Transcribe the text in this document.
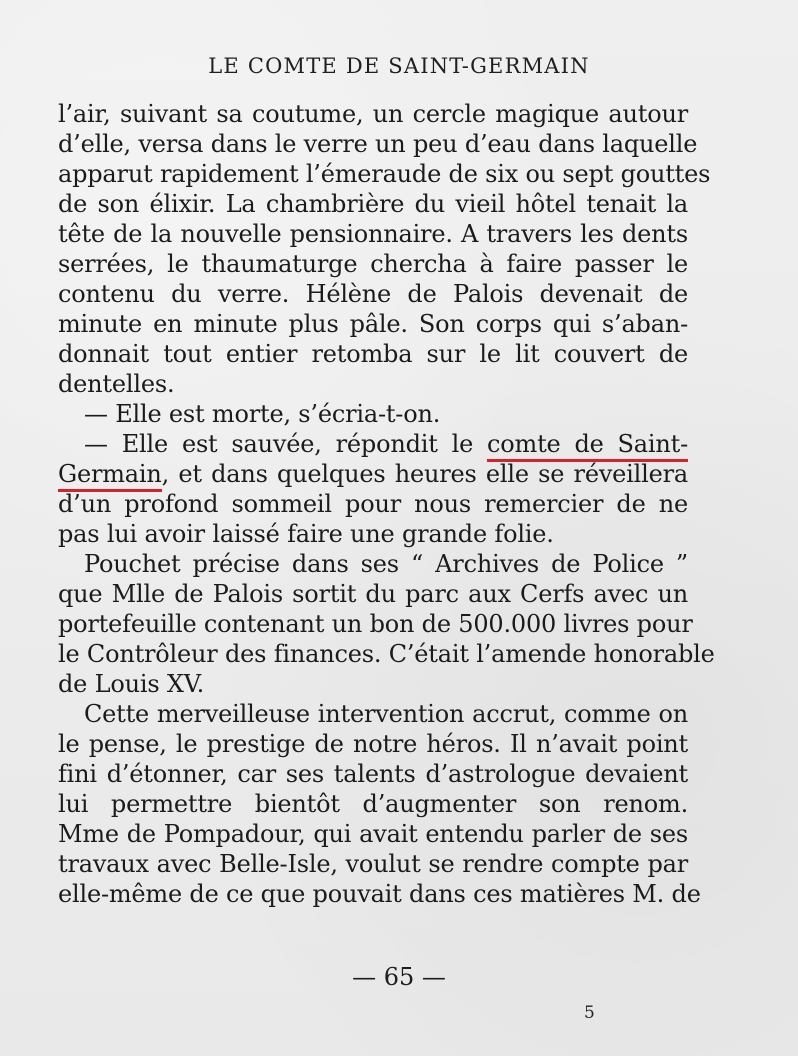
LE COMTE DE SAINT-GERMAIN
l’air, suivant sa coutume, un cercle magique autour
d’elle, versa dans le verre un peu d’eau dans laquelle
apparut rapidement l’émeraude de six ou sept gouttes
de son élixir. La chambrière du vieil hôtel tenait la
tête de la nouvelle pensionnaire. A travers les dents
serrées, le thaumaturge chercha à faire passer le
contenu du verre. Hélène de Palois devenait de
minute en minute plus pâle. Son corps qui s’aban-
donnait tout entier retomba sur le lit couvert de
dentelles.
— Elle est morte, s’écria-t-on.
— Elle est sauvée, répondit le comte de Saint-
Germain, et dans quelques heures elle se réveillera
d’un profond sommeil pour nous remercier de ne
pas lui avoir laissé faire une grande folie.
Pouchet précise dans ses “ Archives de Police ”
que Mlle de Palois sortit du parc aux Cerfs avec un
portefeuille contenant un bon de 500.000 livres pour
le Contrôleur des finances. C’était l’amende honorable
de Louis XV.
Cette merveilleuse intervention accrut, comme on
le pense, le prestige de notre héros. Il n’avait point
fini d’étonner, car ses talents d’astrologue devaient
lui permettre bientôt d’augmenter son renom.
Mme de Pompadour, qui avait entendu parler de ses
travaux avec Belle-Isle, voulut se rendre compte par
elle-même de ce que pouvait dans ces matières M. de
— 65 —
5
